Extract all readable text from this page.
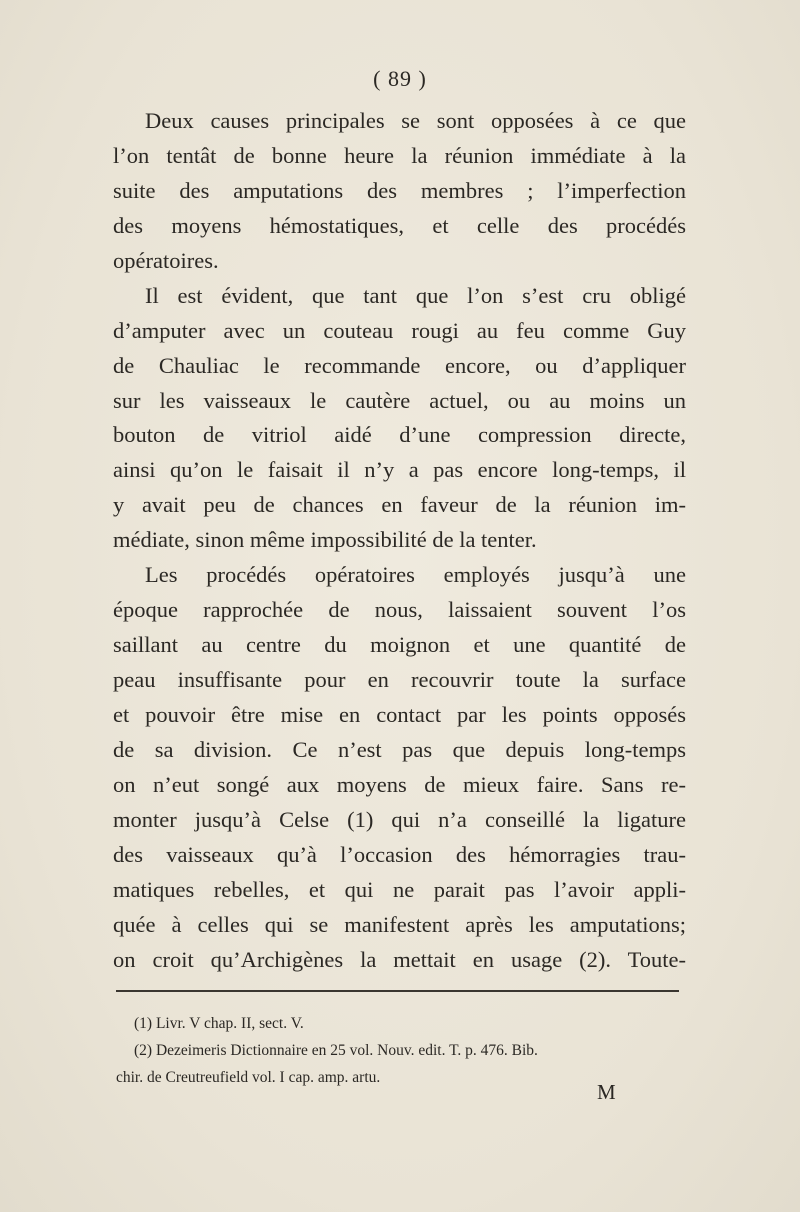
( 89 )
Deux causes principales se sont opposées à ce que
l’on tentât de bonne heure la réunion immédiate à la
suite des amputations des membres ; l’imperfection
des moyens hémostatiques, et celle des procédés
opératoires.
Il est évident, que tant que l’on s’est cru obligé
d’amputer avec un couteau rougi au feu comme Guy
de Chauliac le recommande encore, ou d’appliquer
sur les vaisseaux le cautère actuel, ou au moins un
bouton de vitriol aidé d’une compression directe,
ainsi qu’on le faisait il n’y a pas encore long-temps, il
y avait peu de chances en faveur de la réunion im-
médiate, sinon même impossibilité de la tenter.
Les procédés opératoires employés jusqu’à une
époque rapprochée de nous, laissaient souvent l’os
saillant au centre du moignon et une quantité de
peau insuffisante pour en recouvrir toute la surface
et pouvoir être mise en contact par les points opposés
de sa division. Ce n’est pas que depuis long-temps
on n’eut songé aux moyens de mieux faire. Sans re-
monter jusqu’à Celse (1) qui n’a conseillé la ligature
des vaisseaux qu’à l’occasion des hémorragies trau-
matiques rebelles, et qui ne parait pas l’avoir appli-
quée à celles qui se manifestent après les amputations;
on croit qu’Archigènes la mettait en usage (2). Toute-
(1) Livr. V chap. II, sect. V.
(2) Dezeimeris Dictionnaire en 25 vol. Nouv. edit. T. p. 476. Bib.
chir. de Creutreufield vol. I cap. amp. artu.
M
